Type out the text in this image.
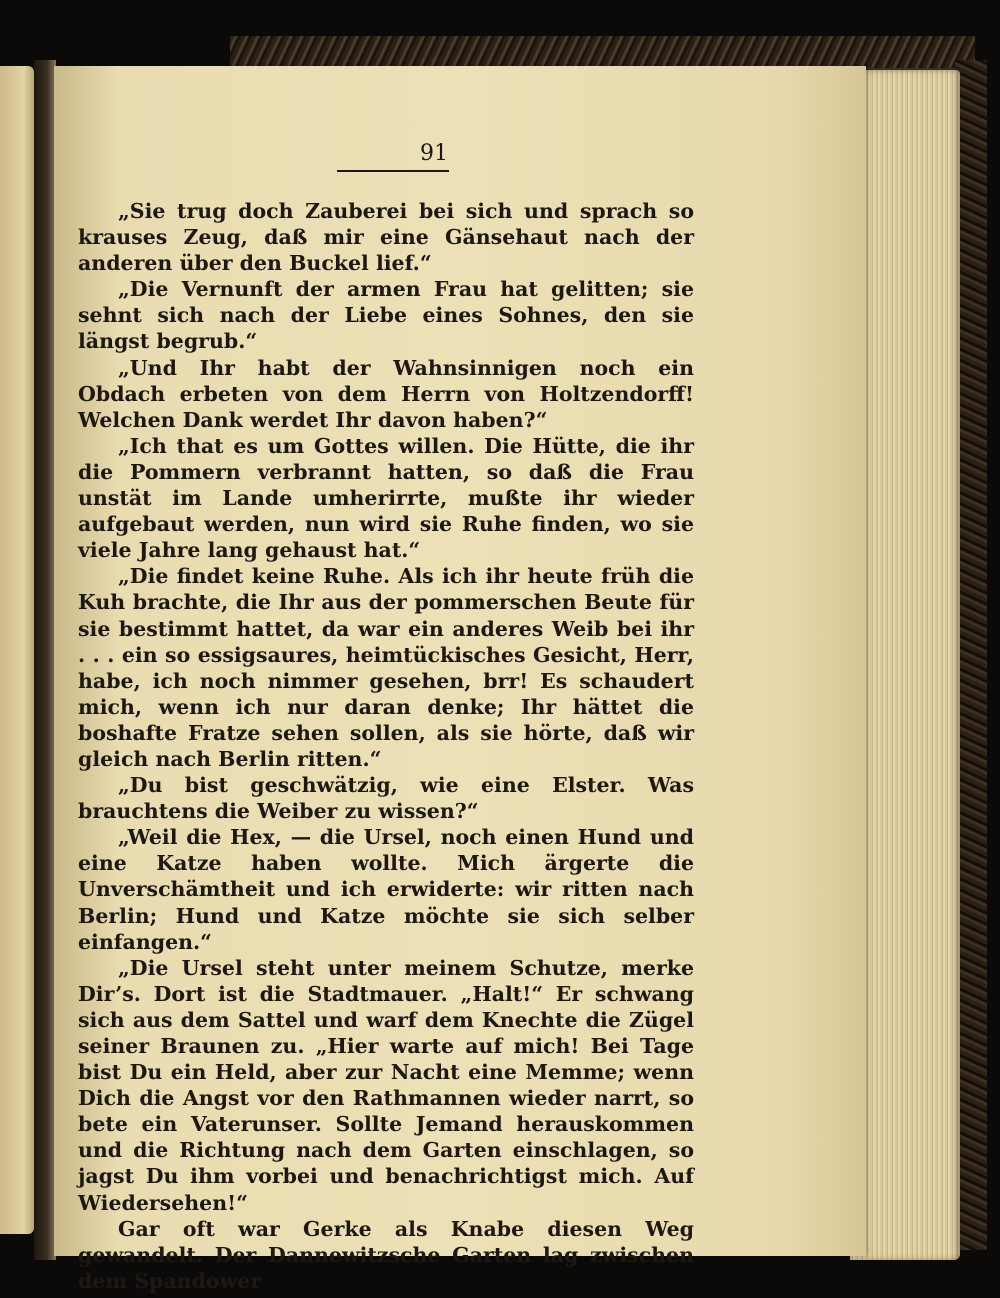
91

„Sie trug doch Zauberei bei sich und sprach so krauses Zeug, daß mir eine Gänsehaut nach der anderen über den Buckel lief.“

„Die Vernunft der armen Frau hat gelitten; sie sehnt sich nach der Liebe eines Sohnes, den sie längst begrub.“

„Und Ihr habt der Wahnsinnigen noch ein Obdach erbeten von dem Herrn von Holtzendorff! Welchen Dank werdet Ihr davon haben?“

„Ich that es um Gottes willen. Die Hütte, die ihr die Pommern verbrannt hatten, so daß die Frau unstät im Lande umherirrte, mußte ihr wieder aufgebaut werden, nun wird sie Ruhe finden, wo sie viele Jahre lang gehaust hat.“

„Die findet keine Ruhe. Als ich ihr heute früh die Kuh brachte, die Ihr aus der pommerschen Beute für sie bestimmt hattet, da war ein anderes Weib bei ihr . . . ein so essigsaures, heimtückisches Gesicht, Herr, habe, ich noch nimmer gesehen, brr! Es schaudert mich, wenn ich nur daran denke; Ihr hättet die boshafte Fratze sehen sollen, als sie hörte, daß wir gleich nach Berlin ritten.“

„Du bist geschwätzig, wie eine Elster. Was brauchtens die Weiber zu wissen?“

„Weil die Hex, — die Ursel, noch einen Hund und eine Katze haben wollte. Mich ärgerte die Unverschämtheit und ich erwiderte: wir ritten nach Berlin; Hund und Katze möchte sie sich selber einfangen.“

„Die Ursel steht unter meinem Schutze, merke Dir’s. Dort ist die Stadtmauer. „Halt!“ Er schwang sich aus dem Sattel und warf dem Knechte die Zügel seiner Braunen zu. „Hier warte auf mich! Bei Tage bist Du ein Held, aber zur Nacht eine Memme; wenn Dich die Angst vor den Rathmannen wieder narrt, so bete ein Vaterunser. Sollte Jemand herauskommen und die Richtung nach dem Garten einschlagen, so jagst Du ihm vorbei und benachrichtigst mich. Auf Wiedersehen!“

Gar oft war Gerke als Knabe diesen Weg gewandelt. Der Dannewitzsche Garten lag zwischen dem Spandower
